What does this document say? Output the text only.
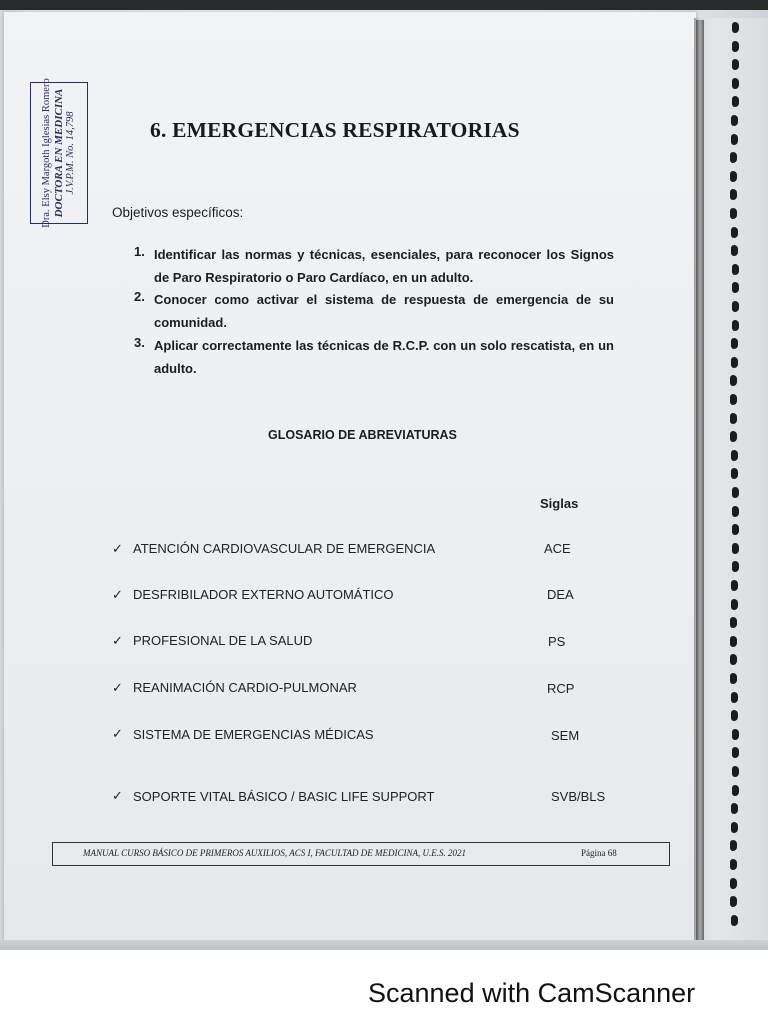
Dra. Elsy Margoth Iglesias Romero DOCTORA EN MEDICINA J.V.P.M. No. 14,798	6. EMERGENCIAS RESPIRATORIAS
Objetivos específicos:
1. Identificar las normas y técnicas, esenciales, para reconocer los Signos de Paro Respiratorio o Paro Cardíaco, en un adulto.
2. Conocer como activar el sistema de respuesta de emergencia de su comunidad.
3. Aplicar correctamente las técnicas de R.C.P. con un solo rescatista, en un adulto.
GLOSARIO DE ABREVIATURAS
Siglas
✓ ATENCIÓN CARDIOVASCULAR DE EMERGENCIA	ACE
✓ DESFRIBILADOR EXTERNO AUTOMÁTICO	DEA
✓ PROFESIONAL DE LA SALUD	PS
✓ REANIMACIÓN CARDIO-PULMONAR	RCP
✓ SISTEMA DE EMERGENCIAS MÉDICAS	SEM
✓ SOPORTE VITAL BÁSICO / BASIC LIFE SUPPORT	SVB/BLS
MANUAL CURSO BÁSICO DE PRIMEROS AUXILIOS, ACS I, FACULTAD DE MEDICINA, U.E.S. 2021	Página 68
Scanned with CamScanner
